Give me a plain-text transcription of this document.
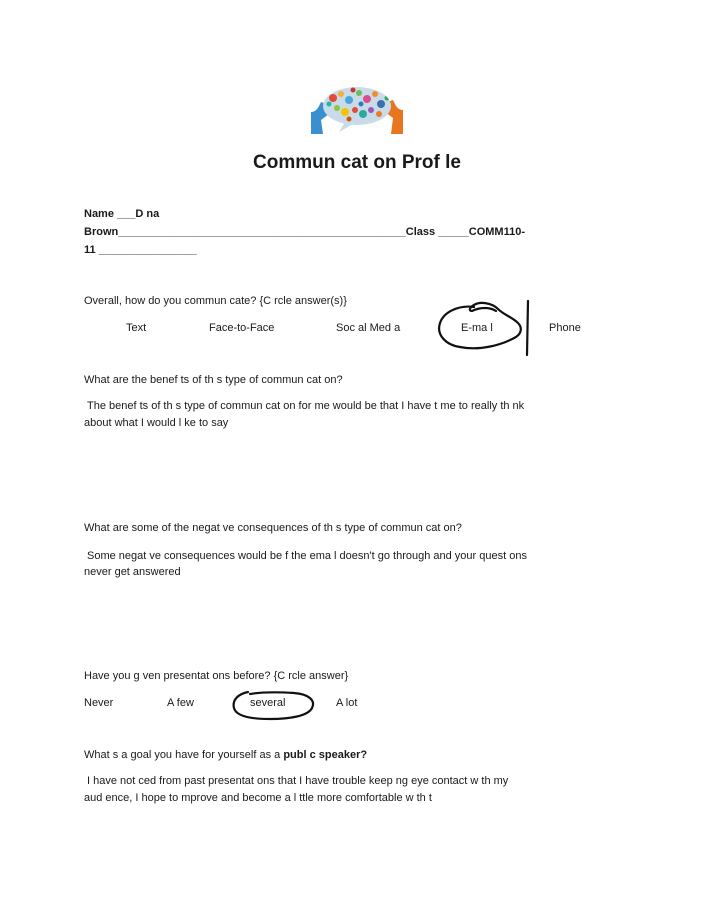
Commun cat on Prof le
Name ___D na
Brown_______________________________________________Class _____COMM110-
11 ________________
Overall, how do you commun cate? {C rcle answer(s)}
Text	Face-to-Face	Soc al Med a	E-ma l	Phone
What are the benef ts of th s type of commun cat on?
The benef ts of th s type of commun cat on for me would be that I have t me to really th nk
about what I would l ke to say
What are some of the negat ve consequences of th s type of commun cat on?
Some negat ve consequences would be f the ema l doesn't go through and your quest ons
never get answered
Have you g ven presentat ons before? {C rcle answer}
Never	A few	several	A lot
What s a goal you have for yourself as a publ c speaker?
I have not ced from past presentat ons that I have trouble keep ng eye contact w th my
aud ence, I hope to mprove and become a l ttle more comfortable w th t
